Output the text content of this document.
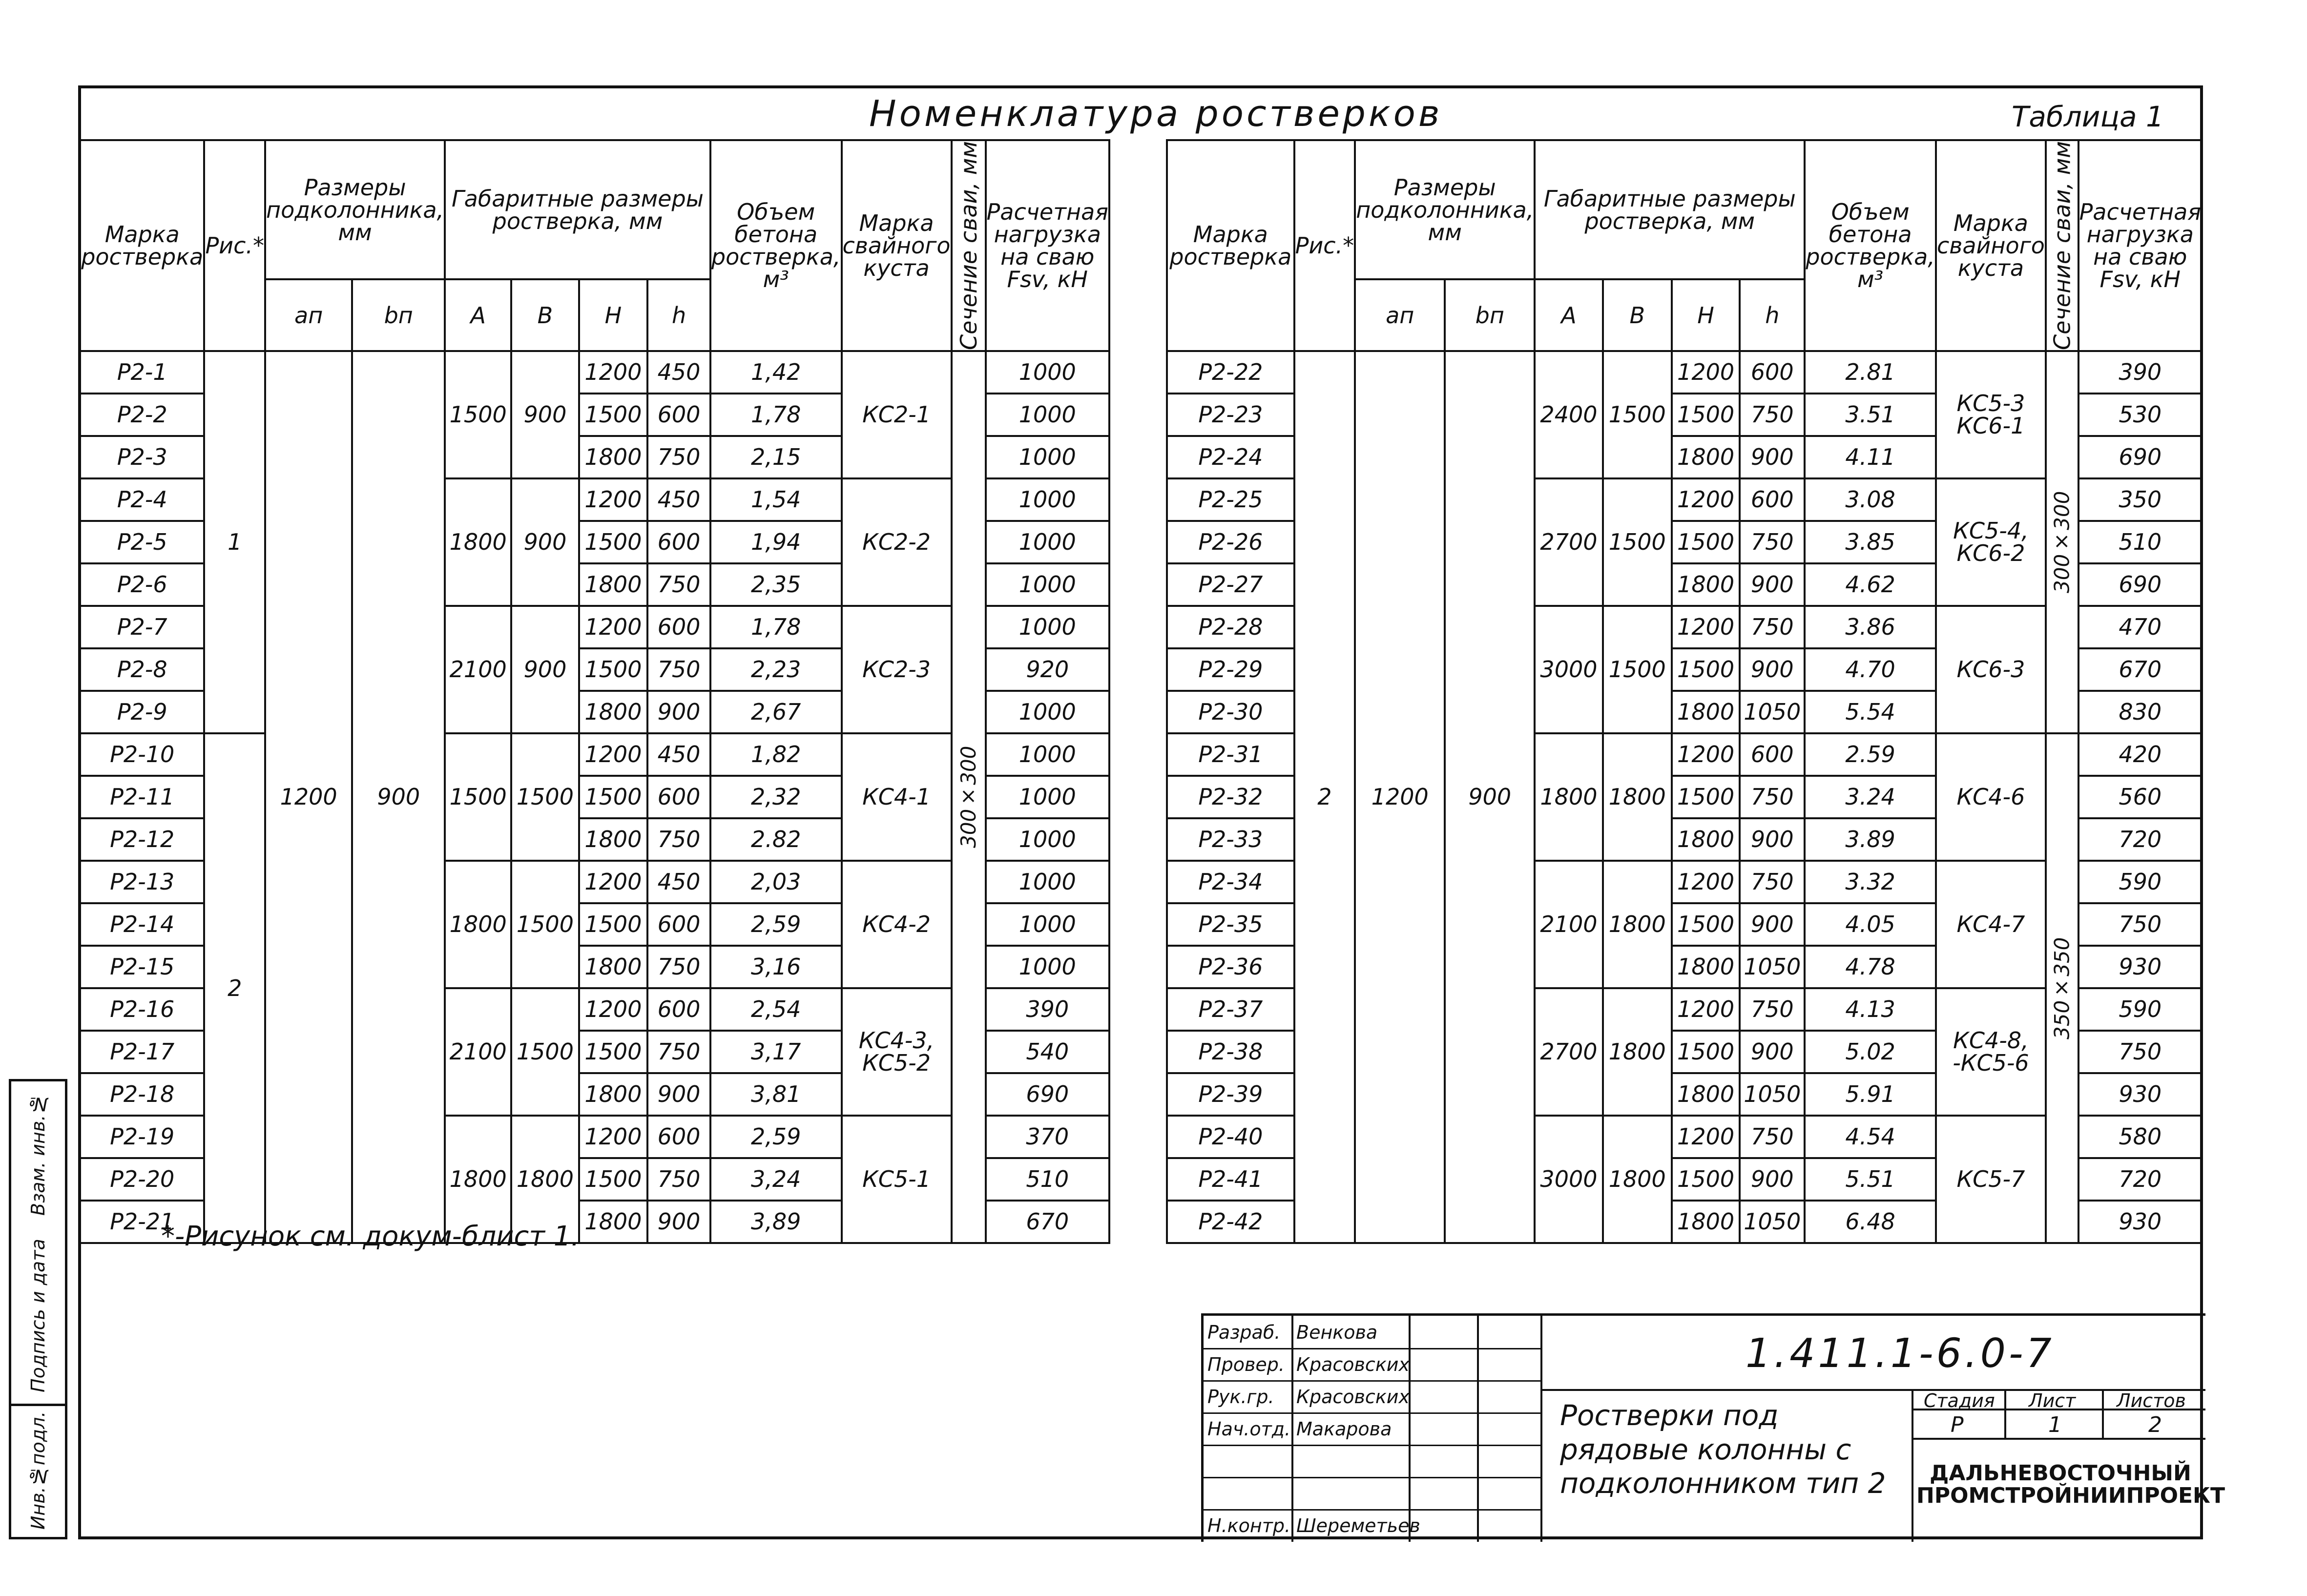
Номенклатура ростверков	Таблица 1
Марка ростверка	Рис.*	Размеры подколонника, мм		Габаритные размеры ростверка, мм				Объем бетона ростверка, м³	Марка свайного куста	Сечение сваи, мм	Расчетная нагрузка на сваю Fsv, кН
		aп	bп	A	B	H	h				
Р2-1	1	1200	900	1500	900	1200	450	1,42	КС2-1	300×300	1000
Р2-2						1500	600	1,78			1000
Р2-3						1800	750	2,15			1000
Р2-4				1800	900	1200	450	1,54	КС2-2		1000
Р2-5						1500	600	1,94			1000
Р2-6						1800	750	2,35			1000
Р2-7				2100	900	1200	600	1,78	КС2-3		1000
Р2-8						1500	750	2,23			920
Р2-9						1800	900	2,67			1000
Р2-10	2			1500	1500	1200	450	1,82	КС4-1		1000
Р2-11						1500	600	2,32			1000
Р2-12						1800	750	2.82			1000
Р2-13				1800	1500	1200	450	2,03	КС4-2		1000
Р2-14						1500	600	2,59			1000
Р2-15						1800	750	3,16			1000
Р2-16				2100	1500	1200	600	2,54	КС4-3, КС5-2		390
Р2-17						1500	750	3,17			540
Р2-18						1800	900	3,81			690
Р2-19				1800	1800	1200	600	2,59	КС5-1		370
Р2-20						1500	750	3,24			510
Р2-21						1800	900	3,89			670
Марка ростверка	Рис.*	Размеры подколонника, мм		Габаритные размеры ростверка, мм				Объем бетона ростверка, м³	Марка свайного куста	Сечение сваи, мм	Расчетная нагрузка на сваю Fsv, кН
		aп	bп	A	B	H	h				
Р2-22	2	1200	900	2400	1500	1200	600	2.81	КС5-3 КС6-1	300×300	390
Р2-23						1500	750	3.51			530
Р2-24						1800	900	4.11			690
Р2-25				2700	1500	1200	600	3.08	КС5-4, КС6-2		350
Р2-26						1500	750	3.85			510
Р2-27						1800	900	4.62			690
Р2-28				3000	1500	1200	750	3.86	КС6-3		470
Р2-29						1500	900	4.70			670
Р2-30						1800	1050	5.54			830
Р2-31				1800	1800	1200	600	2.59	КС4-6	350×350	420
Р2-32						1500	750	3.24			560
Р2-33						1800	900	3.89			720
Р2-34				2100	1800	1200	750	3.32	КС4-7		590
Р2-35						1500	900	4.05			750
Р2-36						1800	1050	4.78			930
Р2-37				2700	1800	1200	750	4.13	КС4-8, -КС5-6		590
Р2-38						1500	900	5.02			750
Р2-39						1800	1050	5.91			930
Р2-40				3000	1800	1200	750	4.54	КС5-7		580
Р2-41						1500	900	5.51			720
Р2-42						1800	1050	6.48			930
*-Рисунок см. докум-блист 1.
Взам. инв.№
Подпись и дата
Инв.№подл.
1.411.1-6.0-7
Ростверки под рядовые колонны с подколонником тип 2
Стадия Лист Листов
Р	1	2
ДАЛЬНЕВОСТОЧНЫЙ ПРОМСТРОЙНИИПРОЕКТ
Разраб. Венкова
Провер. Красовских
Рук.гр. Красовских
Нач.отд. Макарова
Н.контр. Шереметьев
